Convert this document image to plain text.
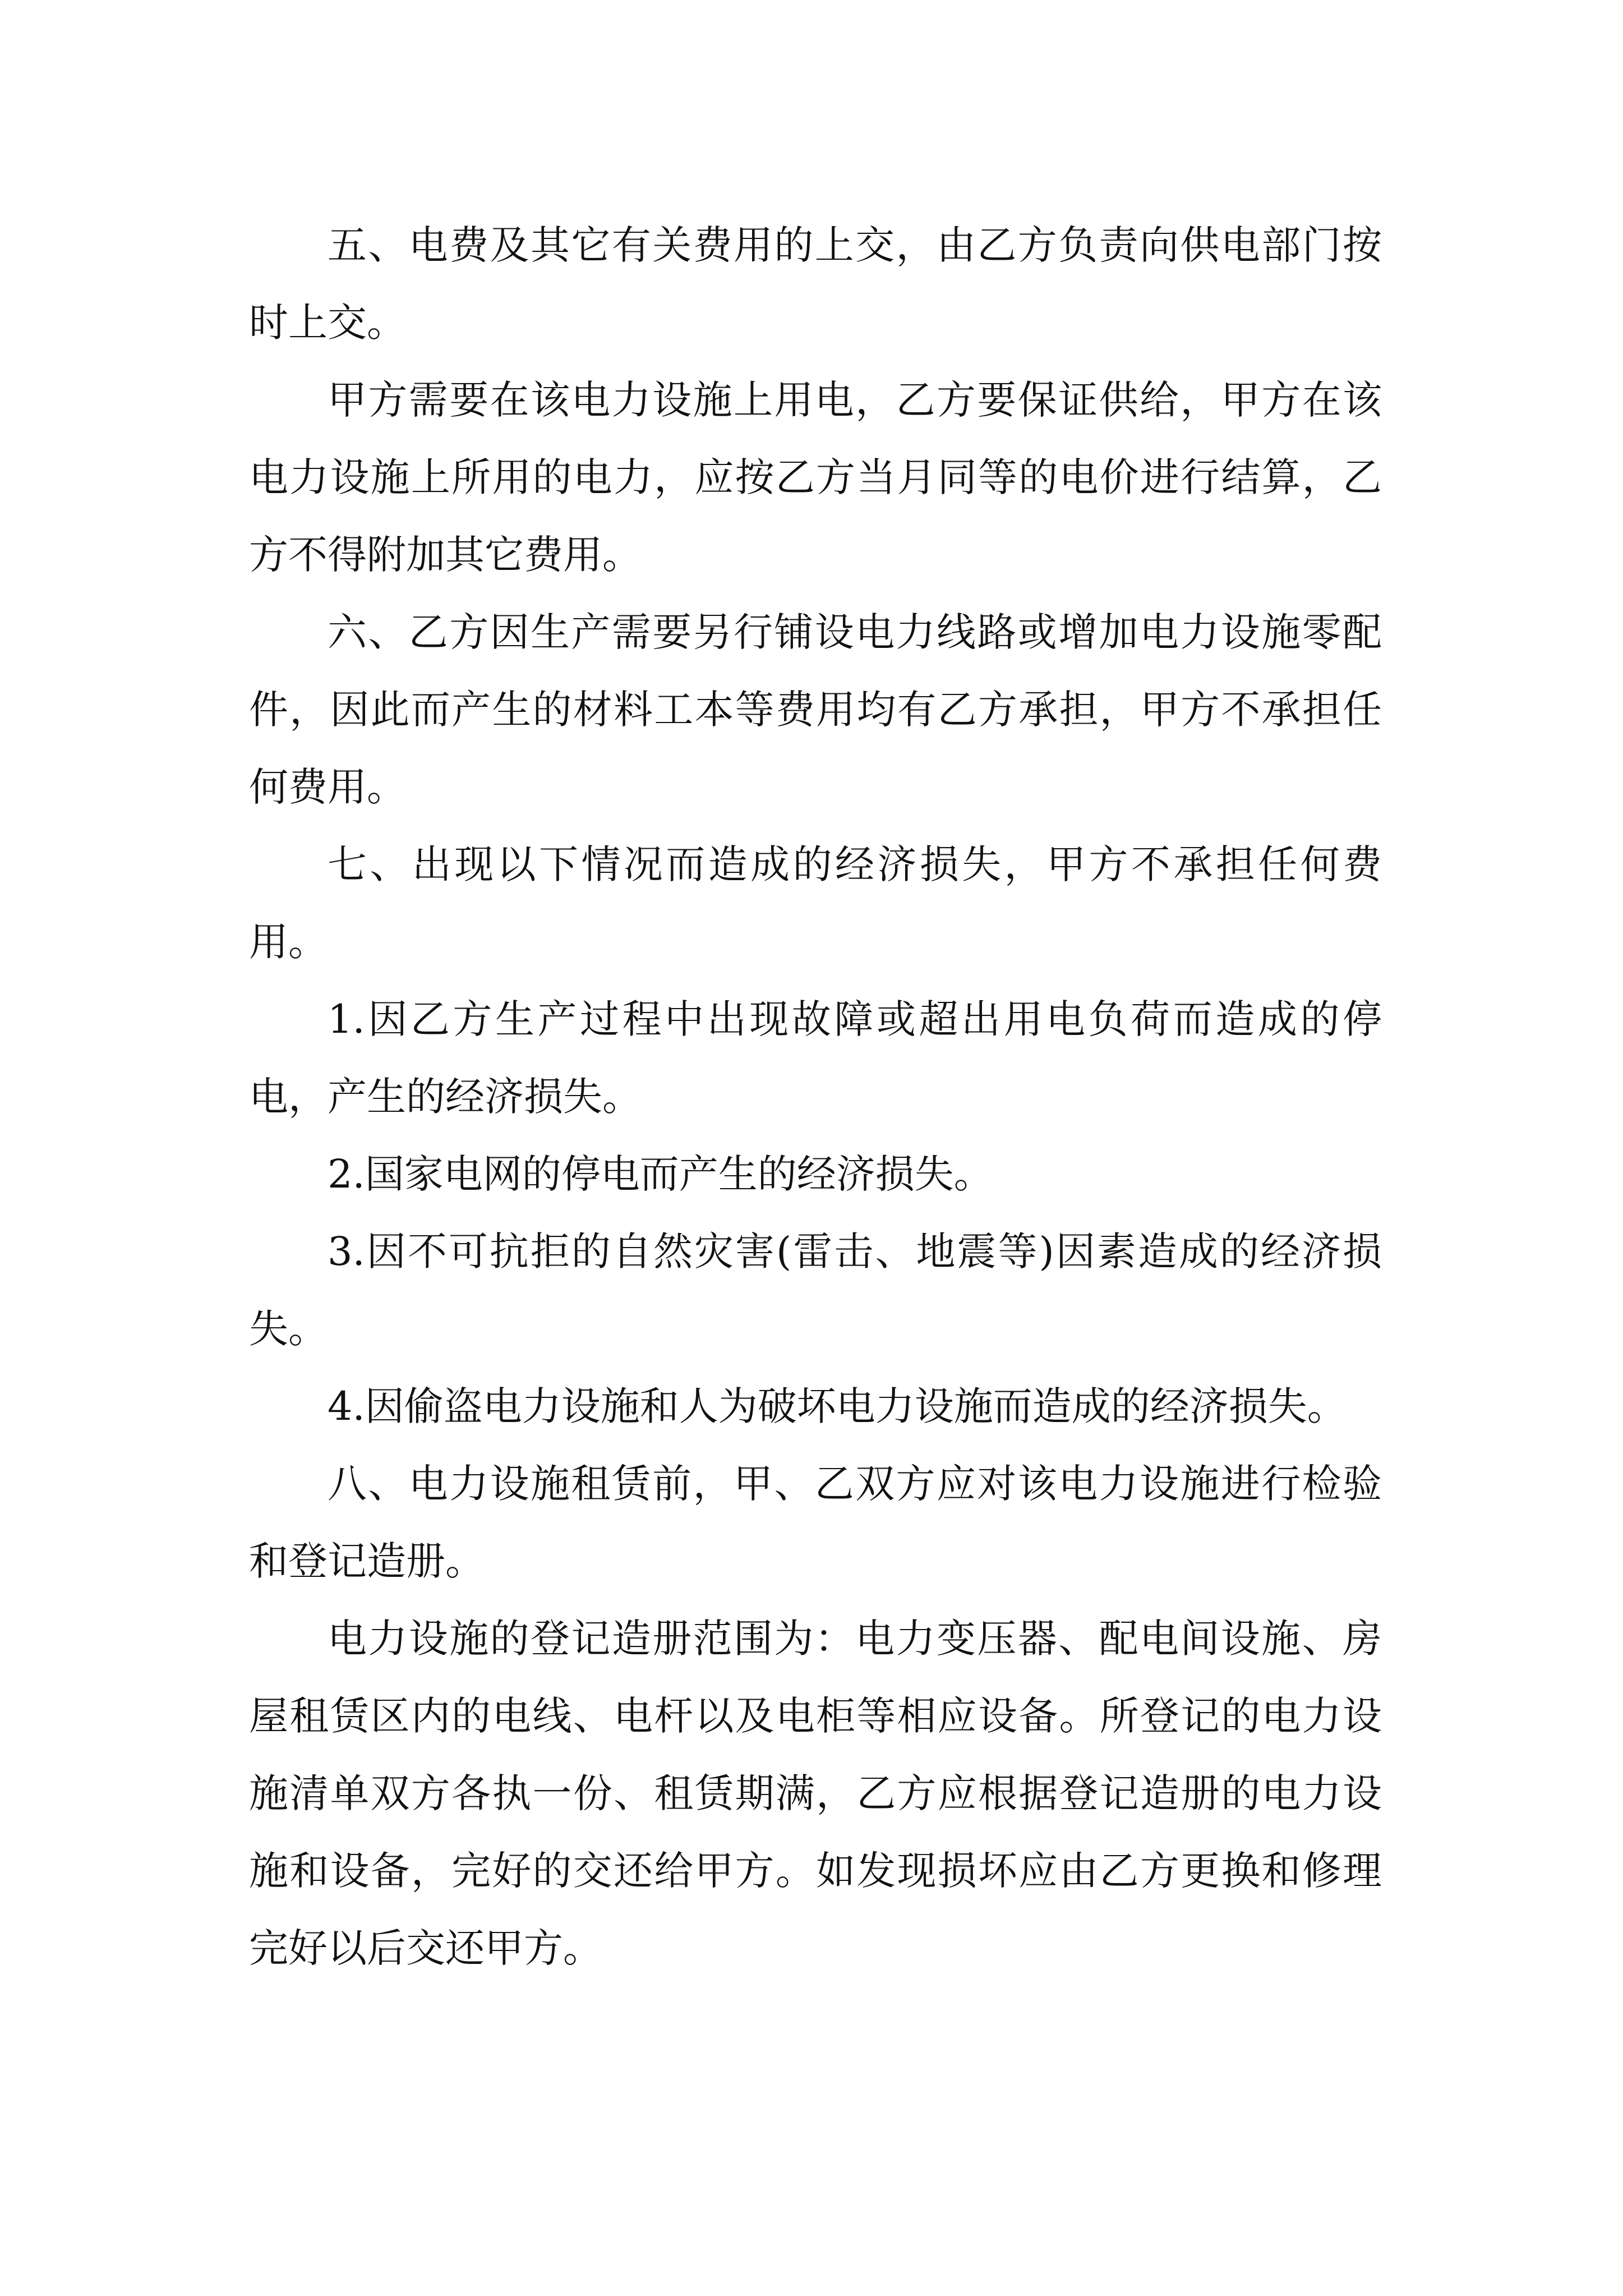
五、电费及其它有关费用的上交，由乙方负责向供电部门按时上交。

甲方需要在该电力设施上用电，乙方要保证供给，甲方在该电力设施上所用的电力，应按乙方当月同等的电价进行结算，乙方不得附加其它费用。

六、乙方因生产需要另行铺设电力线路或增加电力设施零配件，因此而产生的材料工本等费用均有乙方承担，甲方不承担任何费用。

七、出现以下情况而造成的经济损失，甲方不承担任何费用。

1.因乙方生产过程中出现故障或超出用电负荷而造成的停电，产生的经济损失。

2.国家电网的停电而产生的经济损失。

3.因不可抗拒的自然灾害(雷击、地震等)因素造成的经济损失。

4.因偷盗电力设施和人为破坏电力设施而造成的经济损失。

八、电力设施租赁前，甲、乙双方应对该电力设施进行检验和登记造册。

电力设施的登记造册范围为：电力变压器、配电间设施、房屋租赁区内的电线、电杆以及电柜等相应设备。所登记的电力设施清单双方各执一份、租赁期满，乙方应根据登记造册的电力设施和设备，完好的交还给甲方。如发现损坏应由乙方更换和修理完好以后交还甲方。
